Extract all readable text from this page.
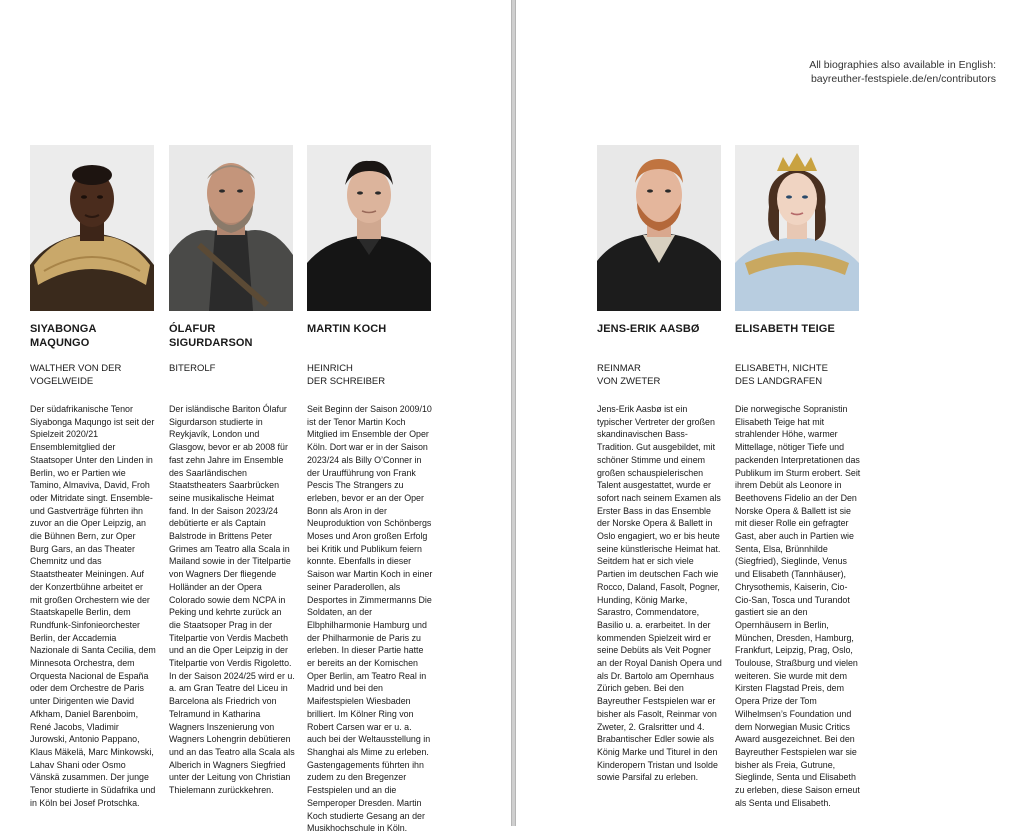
All biographies also available in English:
bayreuther-festspiele.de/en/contributors
SIYABONGA
MAQUNGO
WALTHER VON DER
VOGELWEIDE
Der südafrikanische Tenor Siyabonga Maqungo ist seit der Spielzeit 2020/21 Ensemblemitglied der Staatsoper Unter den Linden in Berlin, wo er Partien wie Tamino, Almaviva, David, Froh oder Mitridate singt. Ensemble- und Gastverträge führten ihn zuvor an die Oper Leipzig, an die Bühnen Bern, zur Oper Burg Gars, an das Theater Chemnitz und das Staatstheater Meiningen. Auf der Konzertbühne arbeitet er mit großen Orchestern wie der Staatskapelle Berlin, dem Rundfunk-Sinfonieorchester Berlin, der Accademia Nazionale di Santa Cecilia, dem Minnesota Orchestra, dem Orquesta Nacional de España oder dem Orchestre de Paris unter Dirigenten wie David Afkham, Daniel Barenboim, René Jacobs, Vladimir Jurowski, Antonio Pappano, Klaus Mäkelä, Marc Minkowski, Lahav Shani oder Osmo Vänskä zusammen. Der junge Tenor studierte in Südafrika und in Köln bei Josef Protschka.
ÓLAFUR
SIGURDARSON
BITEROLF
Der isländische Bariton Ólafur Sigurdarson studierte in Reykjavík, London und Glasgow, bevor er ab 2008 für fast zehn Jahre im Ensemble des Saarländischen Staatstheaters Saarbrücken seine musikalische Heimat fand. In der Saison 2023/24 debütierte er als Captain Balstrode in Brittens Peter Grimes am Teatro alla Scala in Mailand sowie in der Titelpartie von Wagners Der fliegende Holländer an der Opera Colorado sowie dem NCPA in Peking und kehrte zurück an die Staatsoper Prag in der Titelpartie von Verdis Macbeth und an die Oper Leipzig in der Titelpartie von Verdis Rigoletto. In der Saison 2024/25 wird er u. a. am Gran Teatre del Liceu in Barcelona als Friedrich von Telramund in Katharina Wagners Inszenierung von Wagners Lohengrin debütieren und an das Teatro alla Scala als Alberich in Wagners Siegfried unter der Leitung von Christian Thielemann zurückkehren.
MARTIN KOCH
HEINRICH
DER SCHREIBER
Seit Beginn der Saison 2009/10 ist der Tenor Martin Koch Mitglied im Ensemble der Oper Köln. Dort war er in der Saison 2023/24 als Billy O’Conner in der Uraufführung von Frank Pescis The Strangers zu erleben, bevor er an der Oper Bonn als Aron in der Neuproduktion von Schönbergs Moses und Aron großen Erfolg bei Kritik und Publikum feiern konnte. Ebenfalls in dieser Saison war Martin Koch in einer seiner Paraderollen, als Desportes in Zimmermanns Die Soldaten, an der Elbphilharmonie Hamburg und der Philharmonie de Paris zu erleben. In dieser Partie hatte er bereits an der Komischen Oper Berlin, am Teatro Real in Madrid und bei den Maifestspielen Wiesbaden brilliert. Im Kölner Ring von Robert Carsen war er u. a. auch bei der Weltausstellung in Shanghai als Mime zu erleben. Gastengagements führten ihn zudem zu den Bregenzer Festspielen und an die Semperoper Dresden. Martin Koch studierte Gesang an der Musikhochschule in Köln.
JENS-ERIK AASBØ
REINMAR
VON ZWETER
Jens-Erik Aasbø ist ein typischer Vertreter der großen skandinavischen Bass-Tradition. Gut ausgebildet, mit schöner Stimme und einem großen schauspielerischen Talent ausgestattet, wurde er sofort nach seinem Examen als Erster Bass in das Ensemble der Norske Opera & Ballett in Oslo engagiert, wo er bis heute seine künstlerische Heimat hat. Seitdem hat er sich viele Partien im deutschen Fach wie Rocco, Daland, Fasolt, Pogner, Hunding, König Marke, Sarastro, Commendatore, Basilio u. a. erarbeitet. In der kommenden Spielzeit wird er seine Debüts als Veit Pogner an der Royal Danish Opera und als Dr. Bartolo am Opernhaus Zürich geben. Bei den Bayreuther Festspielen war er bisher als Fasolt, Reinmar von Zweter, 2. Gralsritter und 4. Brabantischer Edler sowie als König Marke und Titurel in den Kinderopern Tristan und Isolde sowie Parsifal zu erleben.
ELISABETH TEIGE
ELISABETH, NICHTE
DES LANDGRAFEN
Die norwegische Sopranistin Elisabeth Teige hat mit strahlender Höhe, warmer Mittellage, nötiger Tiefe und packenden Interpretationen das Publikum im Sturm erobert. Seit ihrem Debüt als Leonore in Beethovens Fidelio an der Den Norske Opera & Ballett ist sie mit dieser Rolle ein gefragter Gast, aber auch in Partien wie Senta, Elsa, Brünnhilde (Siegfried), Sieglinde, Venus und Elisabeth (Tannhäuser), Chrysothemis, Kaiserin, Cio-Cio-San, Tosca und Turandot gastiert sie an den Opernhäusern in Berlin, München, Dresden, Hamburg, Frankfurt, Leipzig, Prag, Oslo, Toulouse, Straßburg und vielen weiteren. Sie wurde mit dem Kirsten Flagstad Preis, dem Opera Prize der Tom Wilhelmsen’s Foundation und dem Norwegian Music Critics Award ausgezeichnet. Bei den Bayreuther Festspielen war sie bisher als Freia, Gutrune, Sieglinde, Senta und Elisabeth zu erleben, diese Saison erneut als Senta und Elisabeth.
